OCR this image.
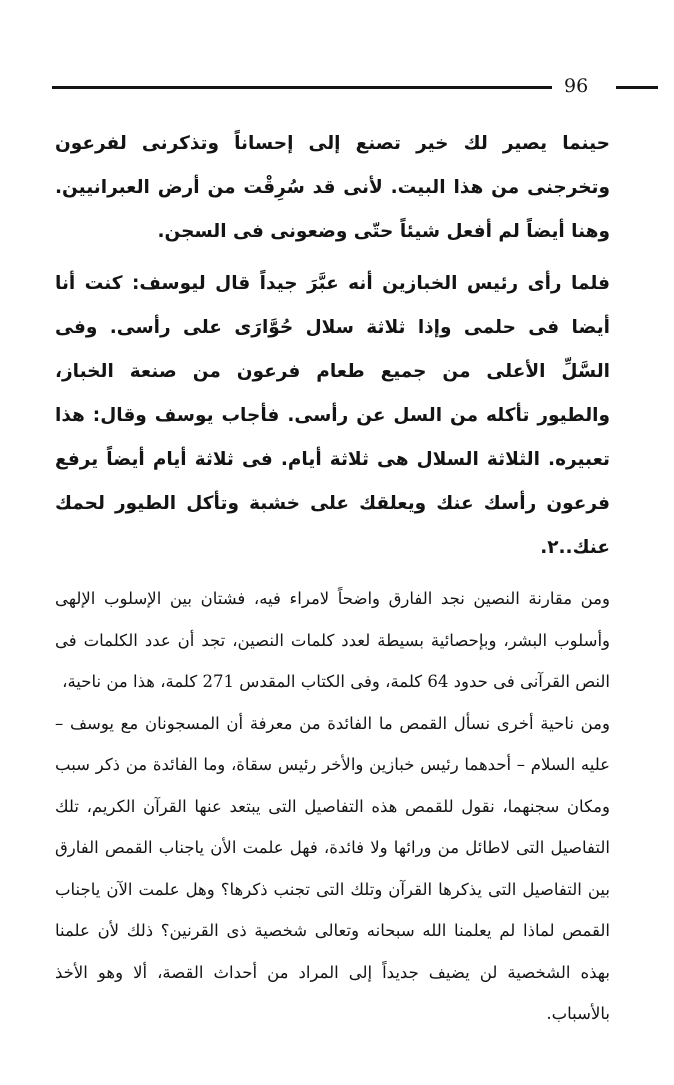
96

حينما يصير لك خير تصنع إلى إحساناً وتذكرنى لفرعون وتخرجنى من هذا البيت. لأنى قد سُرِقْت من أرض العبرانيين. وهنا أيضاً لم أفعل شيئاً حتّى وضعونى فى السجن.

فلما رأى رئيس الخبازين أنه عبَّرَ جيداً قال ليوسف: كنت أنا أيضا فى حلمى وإذا ثلاثة سلال حُوَّارَى على رأسى. وفى السَّلِّ الأعلى من جميع طعام فرعون من صنعة الخباز، والطيور تأكله من السل عن رأسى. فأجاب يوسف وقال: هذا تعبيره. الثلاثة السلال هى ثلاثة أيام. فى ثلاثة أيام أيضاً يرفع فرعون رأسك عنك ويعلقك على خشبة وتأكل الطيور لحمك عنك..٢.

ومن مقارنة النصين نجد الفارق واضحاً لامراء فيه، فشتان بين الإسلوب الإلهى وأسلوب البشر، وبإحصائية بسيطة لعدد كلمات النصين، تجد أن عدد الكلمات فى النص القرآنى فى حدود 64 كلمة، وفى الكتاب المقدس 271 كلمة، هذا من ناحية،

ومن ناحية أخرى نسأل القمص ما الفائدة من معرفة أن المسجونان مع يوسف – عليه السلام – أحدهما رئيس خبازين والأخر رئيس سقاة، وما الفائدة من ذكر سبب ومكان سجنهما، نقول للقمص هذه التفاصيل التى يبتعد عنها القرآن الكريم، تلك التفاصيل التى لاطائل من ورائها ولا فائدة، فهل علمت الأن ياجناب القمص الفارق بين التفاصيل التى يذكرها القرآن وتلك التى تجنب ذكرها؟ وهل علمت الآن ياجناب القمص لماذا لم يعلمنا الله سبحانه وتعالى شخصية ذى القرنين؟ ذلك لأن علمنا بهذه الشخصية لن يضيف جديداً إلى المراد من أحداث القصة، ألا وهو الأخذ بالأسباب.
